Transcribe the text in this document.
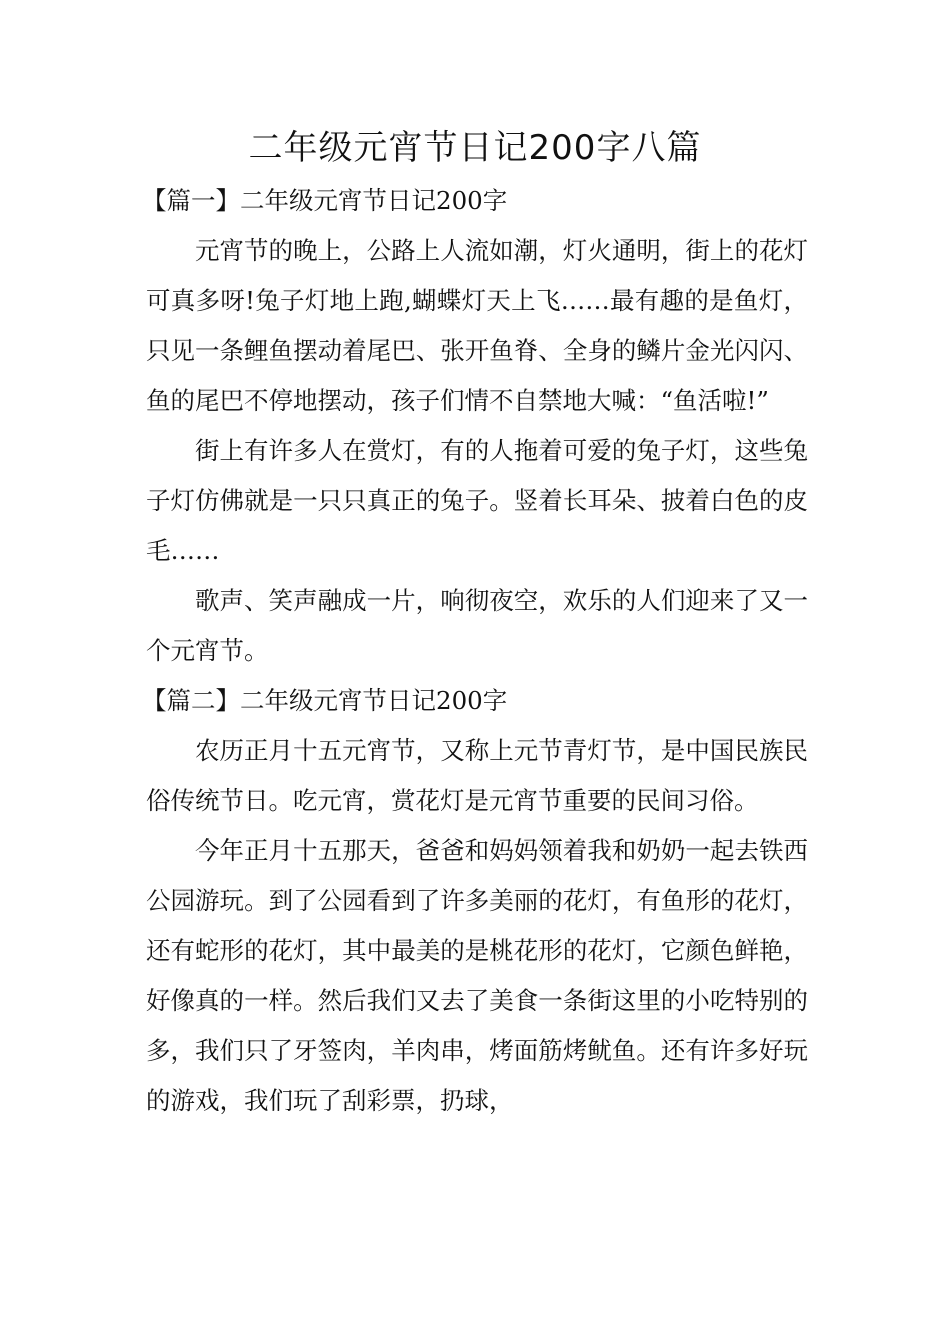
二年级元宵节日记200字八篇

【篇一】二年级元宵节日记200字

元宵节的晚上，公路上人流如潮，灯火通明，街上的花灯可真多呀!兔子灯地上跑,蝴蝶灯天上飞……最有趣的是鱼灯，只见一条鲤鱼摆动着尾巴、张开鱼脊、全身的鳞片金光闪闪、鱼的尾巴不停地摆动，孩子们情不自禁地大喊：“鱼活啦!”

街上有许多人在赏灯，有的人拖着可爱的兔子灯，这些兔子灯仿佛就是一只只真正的兔子。竖着长耳朵、披着白色的皮毛……

歌声、笑声融成一片，响彻夜空，欢乐的人们迎来了又一个元宵节。

【篇二】二年级元宵节日记200字

农历正月十五元宵节，又称上元节青灯节，是中国民族民俗传统节日。吃元宵，赏花灯是元宵节重要的民间习俗。

今年正月十五那天，爸爸和妈妈领着我和奶奶一起去铁西公园游玩。到了公园看到了许多美丽的花灯，有鱼形的花灯，还有蛇形的花灯，其中最美的是桃花形的花灯，它颜色鲜艳，好像真的一样。然后我们又去了美食一条街这里的小吃特别的多，我们只了牙签肉，羊肉串，烤面筋烤鱿鱼。还有许多好玩的游戏，我们玩了刮彩票，扔球，
